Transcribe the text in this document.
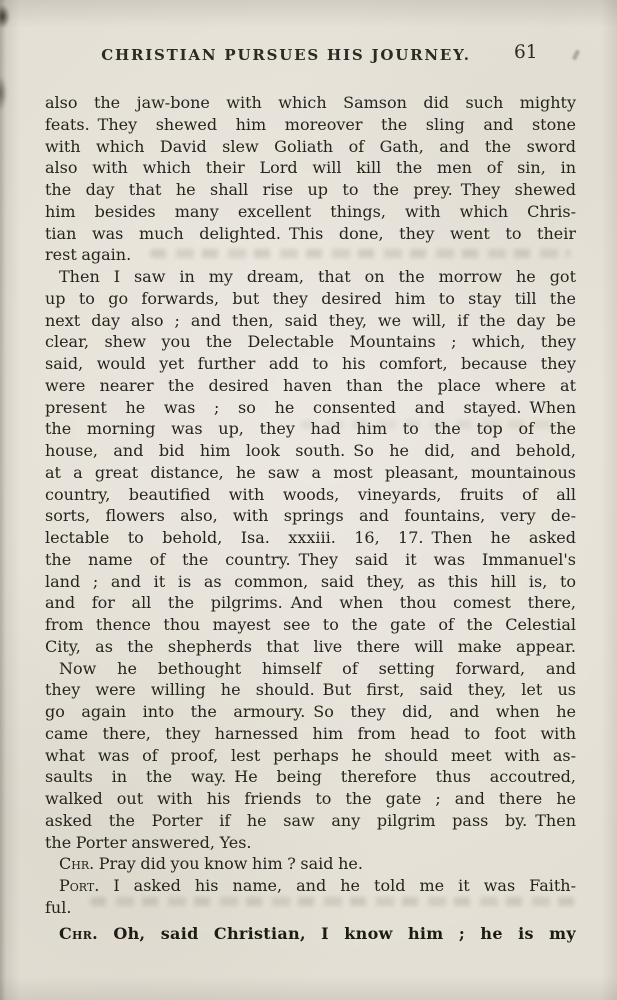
CHRISTIAN PURSUES HIS JOURNEY. 61
also the jaw-bone with which Samson did such mighty
feats. They shewed him moreover the sling and stone
with which David slew Goliath of Gath, and the sword
also with which their Lord will kill the men of sin, in
the day that he shall rise up to the prey. They shewed
him besides many excellent things, with which Chris-
tian was much delighted. This done, they went to their
rest again.
Then I saw in my dream, that on the morrow he got
up to go forwards, but they desired him to stay till the
next day also ; and then, said they, we will, if the day be
clear, shew you the Delectable Mountains ; which, they
said, would yet further add to his comfort, because they
were nearer the desired haven than the place where at
present he was ; so he consented and stayed. When
the morning was up, they had him to the top of the
house, and bid him look south. So he did, and behold,
at a great distance, he saw a most pleasant, mountainous
country, beautified with woods, vineyards, fruits of all
sorts, flowers also, with springs and fountains, very de-
lectable to behold, Isa. xxxiii. 16, 17. Then he asked
the name of the country. They said it was Immanuel's
land ; and it is as common, said they, as this hill is, to
and for all the pilgrims. And when thou comest there,
from thence thou mayest see to the gate of the Celestial
City, as the shepherds that live there will make appear.
Now he bethought himself of setting forward, and
they were willing he should. But first, said they, let us
go again into the armoury. So they did, and when he
came there, they harnessed him from head to foot with
what was of proof, lest perhaps he should meet with as-
saults in the way. He being therefore thus accoutred,
walked out with his friends to the gate ; and there he
asked the Porter if he saw any pilgrim pass by. Then
the Porter answered, Yes.
Chr. Pray did you know him ? said he.
Port. I asked his name, and he told me it was Faith-
ful.
Chr. Oh, said Christian, I know him ; he is my
